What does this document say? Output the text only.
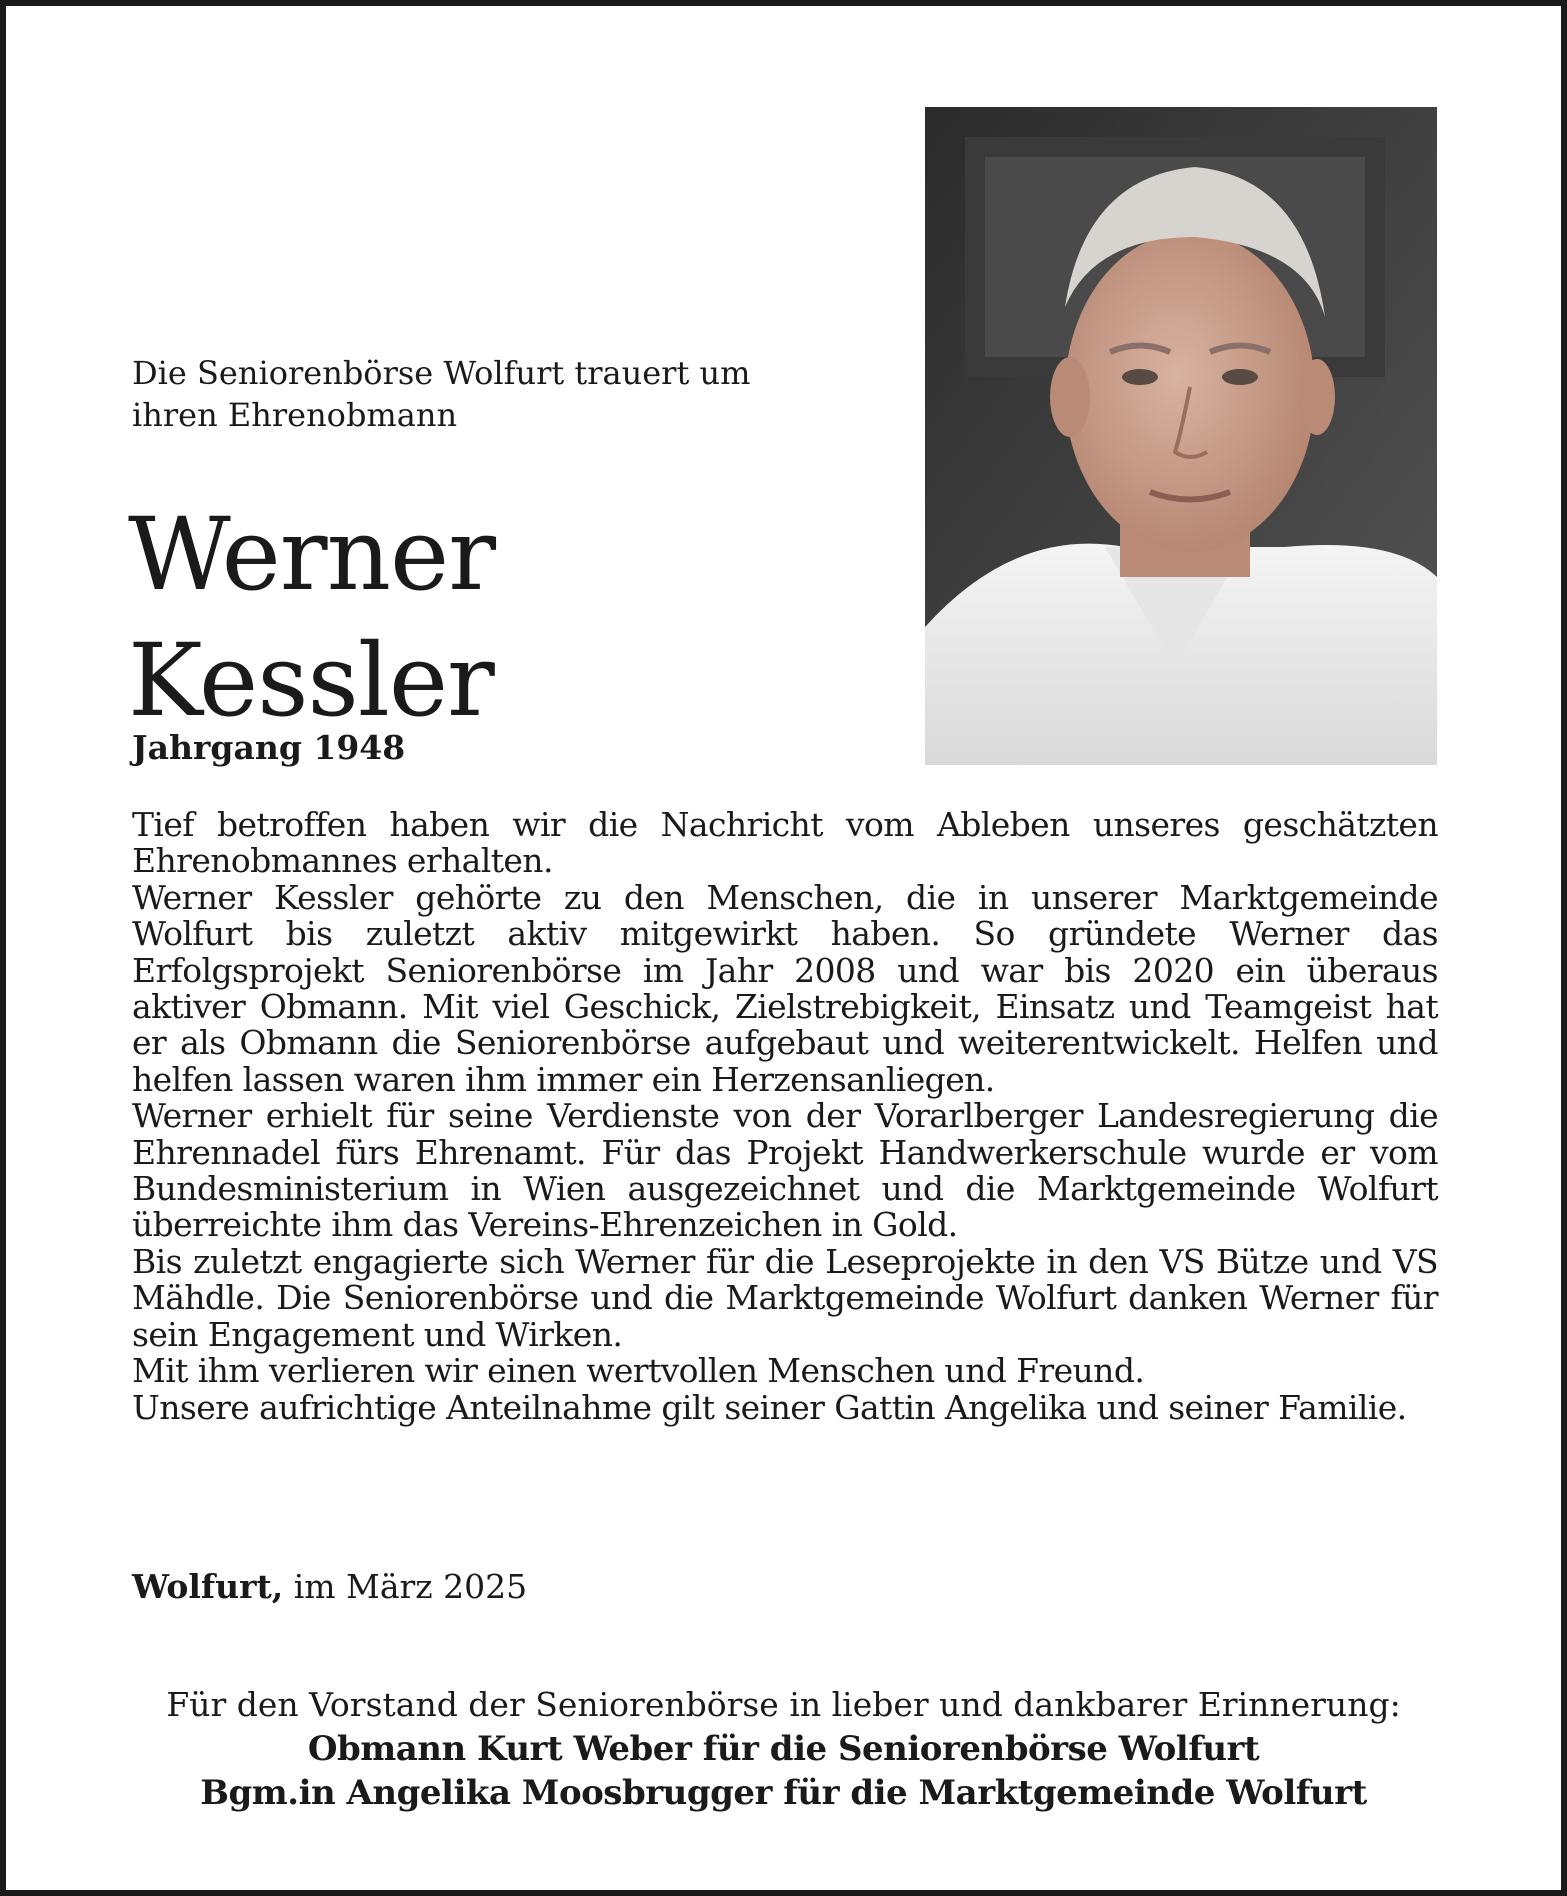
Die Seniorenbörse Wolfurt trauert um ihren Ehrenobmann

Werner
Kessler

Jahrgang 1948

Tief betroffen haben wir die Nachricht vom Ableben unseres geschätzten Ehrenobmannes erhalten.

Werner Kessler gehörte zu den Menschen, die in unserer Marktgemeinde Wolfurt bis zuletzt aktiv mitgewirkt haben. So gründete Werner das Erfolgsprojekt Seniorenbörse im Jahr 2008 und war bis 2020 ein überaus aktiver Obmann. Mit viel Geschick, Zielstrebigkeit, Einsatz und Teamgeist hat er als Obmann die Seniorenbörse aufgebaut und weiterentwickelt. Helfen und helfen lassen waren ihm immer ein Herzensanliegen.

Werner erhielt für seine Verdienste von der Vorarlberger Landesregierung die Ehrennadel fürs Ehrenamt. Für das Projekt Handwerkerschule wurde er vom Bundesministerium in Wien ausgezeichnet und die Marktgemeinde Wolfurt überreichte ihm das Vereins-Ehrenzeichen in Gold.

Bis zuletzt engagierte sich Werner für die Leseprojekte in den VS Bütze und VS Mähdle. Die Seniorenbörse und die Marktgemeinde Wolfurt danken Werner für sein Engagement und Wirken.

Mit ihm verlieren wir einen wertvollen Menschen und Freund.

Unsere aufrichtige Anteilnahme gilt seiner Gattin Angelika und seiner Familie.

Wolfurt, im März 2025

Für den Vorstand der Seniorenbörse in lieber und dankbarer Erinnerung:

Obmann Kurt Weber für die Seniorenbörse Wolfurt

Bgm.in Angelika Moosbrugger für die Marktgemeinde Wolfurt
